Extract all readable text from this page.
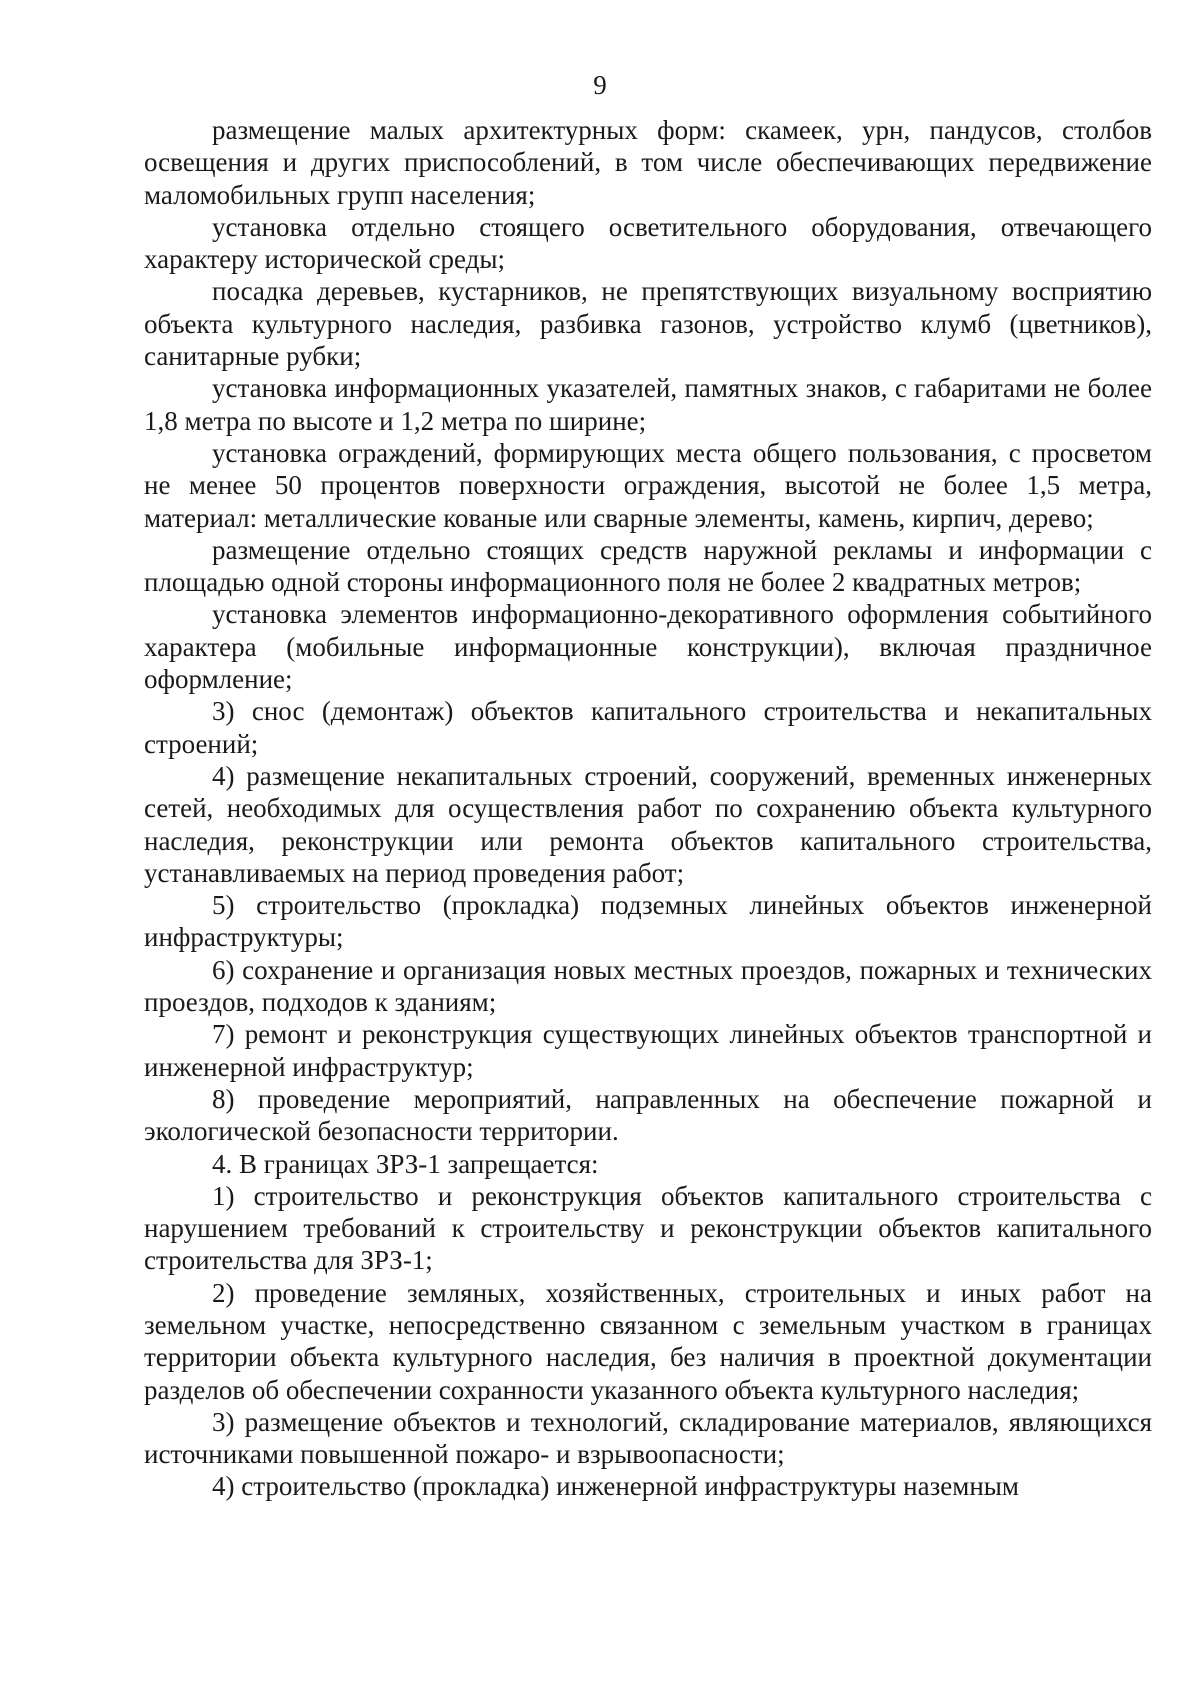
9

размещение малых архитектурных форм: скамеек, урн, пандусов, столбов освещения и других приспособлений, в том числе обеспечивающих передвижение маломобильных групп населения;

установка отдельно стоящего осветительного оборудования, отвечающего характеру исторической среды;

посадка деревьев, кустарников, не препятствующих визуальному восприятию объекта культурного наследия, разбивка газонов, устройство клумб (цветников), санитарные рубки;

установка информационных указателей, памятных знаков, с габаритами не более 1,8 метра по высоте и 1,2 метра по ширине;

установка ограждений, формирующих места общего пользования, с просветом не менее 50 процентов поверхности ограждения, высотой не более 1,5 метра, материал: металлические кованые или сварные элементы, камень, кирпич, дерево;

размещение отдельно стоящих средств наружной рекламы и информации с площадью одной стороны информационного поля не более 2 квадратных метров;

установка элементов информационно-декоративного оформления событийного характера (мобильные информационные конструкции), включая праздничное оформление;

3) снос (демонтаж) объектов капитального строительства и некапитальных строений;

4) размещение некапитальных строений, сооружений, временных инженерных сетей, необходимых для осуществления работ по сохранению объекта культурного наследия, реконструкции или ремонта объектов капитального строительства, устанавливаемых на период проведения работ;

5) строительство (прокладка) подземных линейных объектов инженерной инфраструктуры;

6) сохранение и организация новых местных проездов, пожарных и технических проездов, подходов к зданиям;

7) ремонт и реконструкция существующих линейных объектов транспортной и инженерной инфраструктур;

8) проведение мероприятий, направленных на обеспечение пожарной и экологической безопасности территории.

4. В границах ЗРЗ-1 запрещается:

1) строительство и реконструкция объектов капитального строительства с нарушением требований к строительству и реконструкции объектов капитального строительства для ЗРЗ-1;

2) проведение земляных, хозяйственных, строительных и иных работ на земельном участке, непосредственно связанном с земельным участком в границах территории объекта культурного наследия, без наличия в проектной документации разделов об обеспечении сохранности указанного объекта культурного наследия;

3) размещение объектов и технологий, складирование материалов, являющихся источниками повышенной пожаро- и взрывоопасности;

4) строительство (прокладка) инженерной инфраструктуры наземным
